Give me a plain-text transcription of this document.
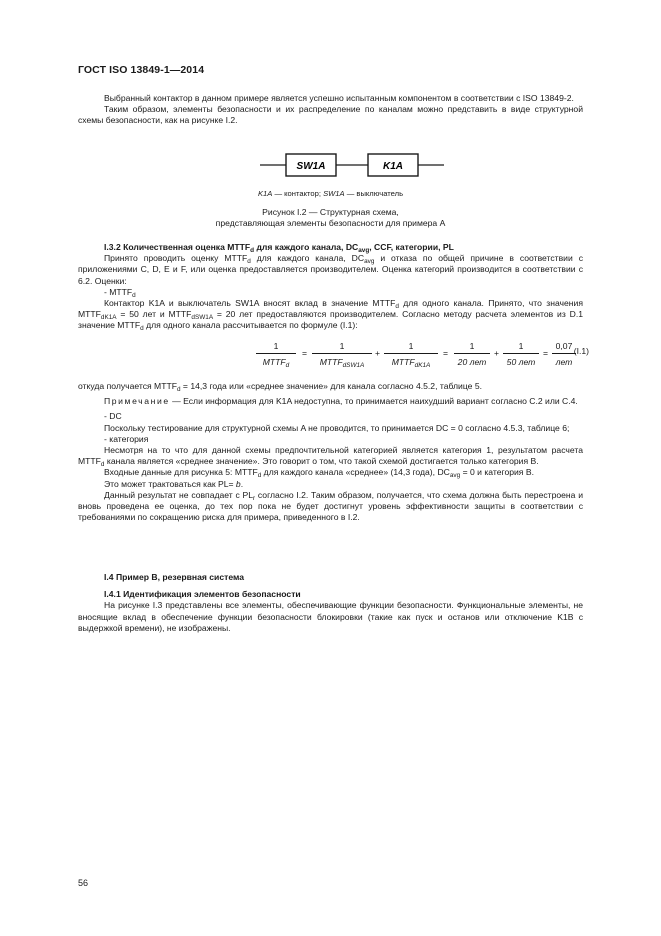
ГОСТ ISO 13849-1—2014

Выбранный контактор в данном примере является успешно испытанным компонентом в соответствии с ISO 13849-2.

Таким образом, элементы безопасности и их распределение по каналам можно представить в виде структурной схемы безопасности, как на рисунке I.2.

SW1A	K1A
K1A — контактор; SW1A — выключатель
Рисунок I.2 — Структурная схема,
представляющая элементы безопасности для примера А

I.3.2 Количественная оценка $MTTF_d$ для каждого канала, $DC_{avg}$, CCF, категории, PL

Принято проводить оценку $MTTF_d$ для каждого канала, $DC_{avg}$ и отказа по общей причине в соответствии с приложениями C, D, E и F, или оценка предоставляется производителем. Оценка категорий производится в соответствии с 6.2. Оценки:

- $MTTF_d$

Контактор K1A и выключатель SW1A вносят вклад в значение $MTTF_d$ для одного канала. Принято, что значения $MTTF_{dK1A} = 50$ лет и $MTTF_{dSW1A} = 20$ лет предоставляются производителем. Согласно методу расчета элементов из D.1 значение $MTTF_d$ для одного канала рассчитывается по формуле (I.1):

1
$MTTF_d$
=
1
$MTTF_{dSW1A}$
+
1
$MTTF_{dK1A}$
=
1
20 лет
+
1
50 лет
=
0,07
лет
(I.1)

откуда получается $MTTF_d = 14,3$ года или «среднее значение» для канала согласно 4.5.2, таблице 5.

Примечание — Если информация для K1A недоступна, то принимается наихудший вариант согласно C.2 или C.4.

- DC

Поскольку тестирование для структурной схемы A не проводится, то принимается DC = 0 согласно 4.5.3, таблице 6;

- категория

Несмотря на то что для данной схемы предпочтительной категорией является категория 1, результатом расчета $MTTF_d$ канала является «среднее значение». Это говорит о том, что такой схемой достигается только категория B.

Входные данные для рисунка 5: $MTTF_d$ для каждого канала «среднее» (14,3 года), $DC_{avg} = 0$ и категория B.

Это может трактоваться как PL= b.

Данный результат не совпадает с $PL_r$ согласно I.2. Таким образом, получается, что схема должна быть перестроена и вновь проведена ее оценка, до тех пор пока не будет достигнут уровень эффективности защиты в соответствии с требованиями по сокращению риска для примера, приведенного в I.2.

I.4 Пример B, резервная система

I.4.1 Идентификация элементов безопасности

На рисунке I.3 представлены все элементы, обеспечивающие функции безопасности. Функциональные элементы, не вносящие вклад в обеспечение функции безопасности блокировки (такие как пуск и останов или отключение K1B с выдержкой времени), не изображены.

56
